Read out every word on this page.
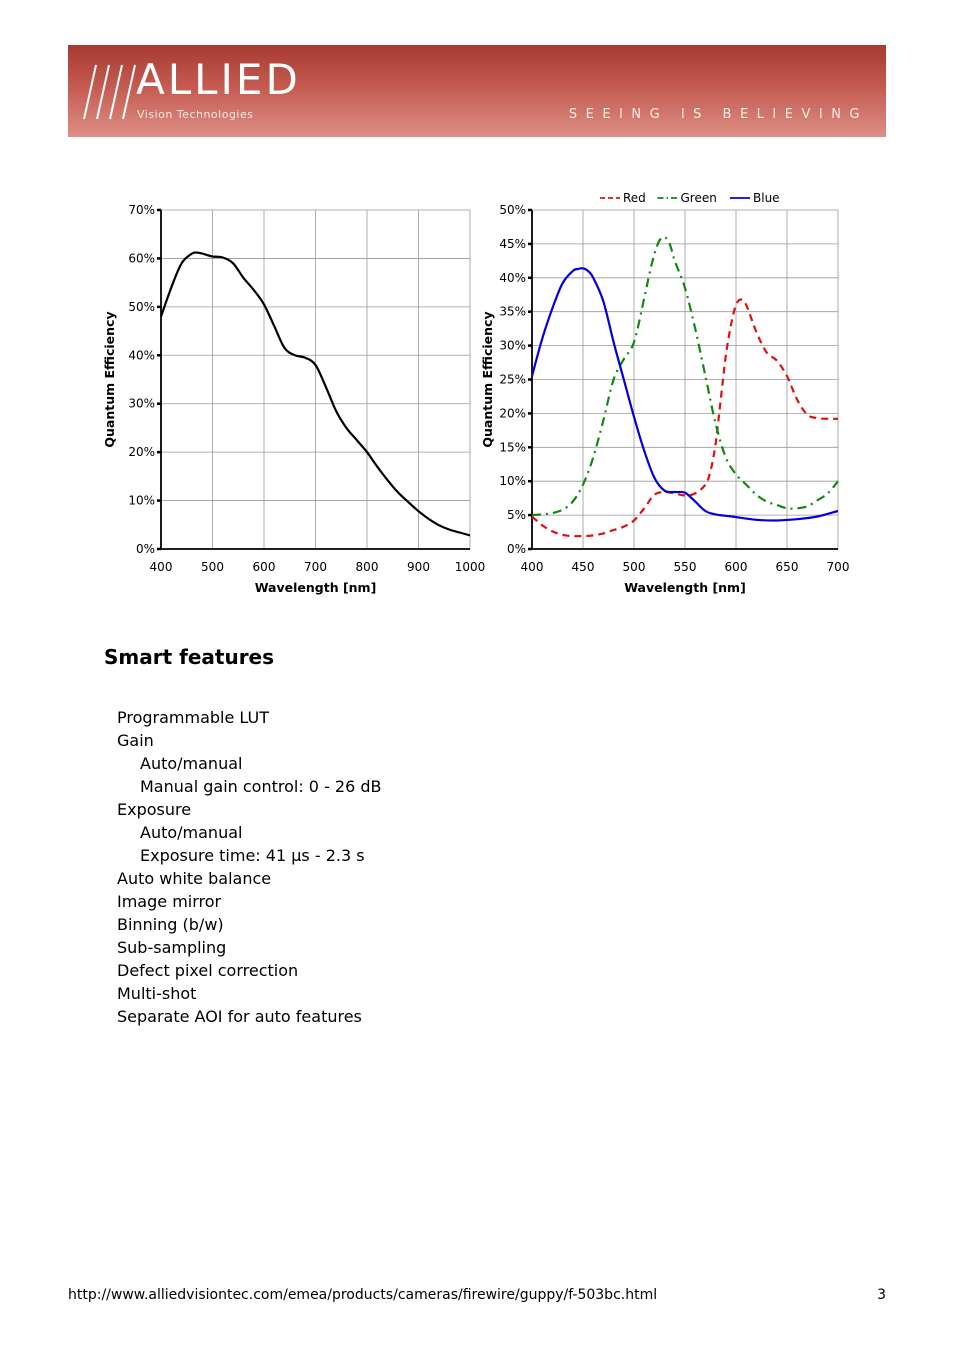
ALLIED
Vision Technologies	SEEING IS BELIEVING
400 500 600 700 800 900 1000
0%
10%
20%
30%
40%
50%
60%
70%
Wavelength [nm]
Quantum Efficiency
400 450 500 550 600 650 700
0%
5%
10%
15%
20%
25%
30%
35%
40%
45%
50%
Wavelength [nm]
Quantum Efficiency
Red	Green	Blue
Smart features
Programmable LUT
Gain
Auto/manual
Manual gain control: 0 - 26 dB
Exposure
Auto/manual
Exposure time: 41 µs - 2.3 s
Auto white balance
Image mirror
Binning (b/w)
Sub-sampling
Defect pixel correction
Multi-shot
Separate AOI for auto features
http://www.alliedvisiontec.com/emea/products/cameras/firewire/guppy/f-503bc.html	3
